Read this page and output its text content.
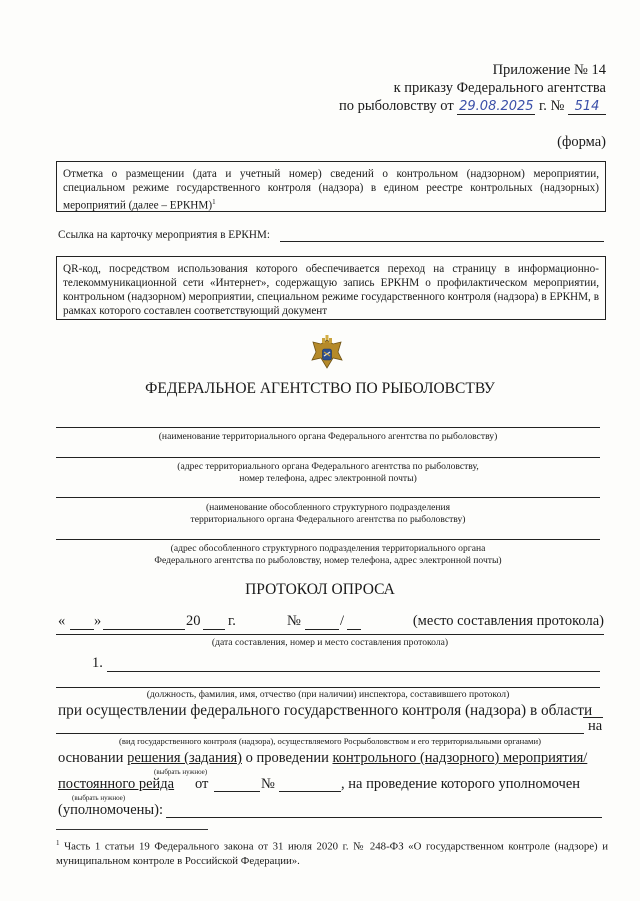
Приложение № 14
к приказу Федерального агентства
по рыболовству от 29.08.2025 г. № 514
(форма)
Отметка о размещении (дата и учетный номер) сведений о контрольном (надзорном) мероприятии, специальном режиме государственного контроля (надзора) в едином реестре контрольных (надзорных) мероприятий (далее – ЕРКНМ)$^1$
Ссылка на карточку мероприятия в ЕРКНМ:
QR-код, посредством использования которого обеспечивается переход на страницу в информационно-телекоммуникационной сети «Интернет», содержащую запись ЕРКНМ о профилактическом мероприятии, контрольном (надзорном) мероприятии, специальном режиме государственного контроля (надзора) в ЕРКНМ, в рамках которого составлен соответствующий документ
ФЕДЕРАЛЬНОЕ АГЕНТСТВО ПО РЫБОЛОВСТВУ
(наименование территориального органа Федерального агентства по рыболовству)
(адрес территориального органа Федерального агентства по рыболовству,
номер телефона, адрес электронной почты)
(наименование обособленного структурного подразделения
территориального органа Федерального агентства по рыболовству)
(адрес обособленного структурного подразделения территориального органа
Федерального агентства по рыболовству, номер телефона, адрес электронной почты)
ПРОТОКОЛ ОПРОСА
« »	20 г.	№	/	(место составления протокола)
(дата составления, номер и место составления протокола)
1.
(должность, фамилия, имя, отчество (при наличии) инспектора, составившего протокол)
при осуществлении федерального государственного контроля (надзора) в области
на
(вид государственного контроля (надзора), осуществляемого Росрыболовством и его территориальными органами)
основании решения (задания) о проведении контрольного (надзорного) мероприятия/
(выбрать нужное)
постоянного рейда от	№	, на проведение которого уполномочен
(выбрать нужное)
(уполномочены):
$^1$ Часть 1 статьи 19 Федерального закона от 31 июля 2020 г. № 248-ФЗ «О государственном контроле (надзоре) и муниципальном контроле в Российской Федерации».
